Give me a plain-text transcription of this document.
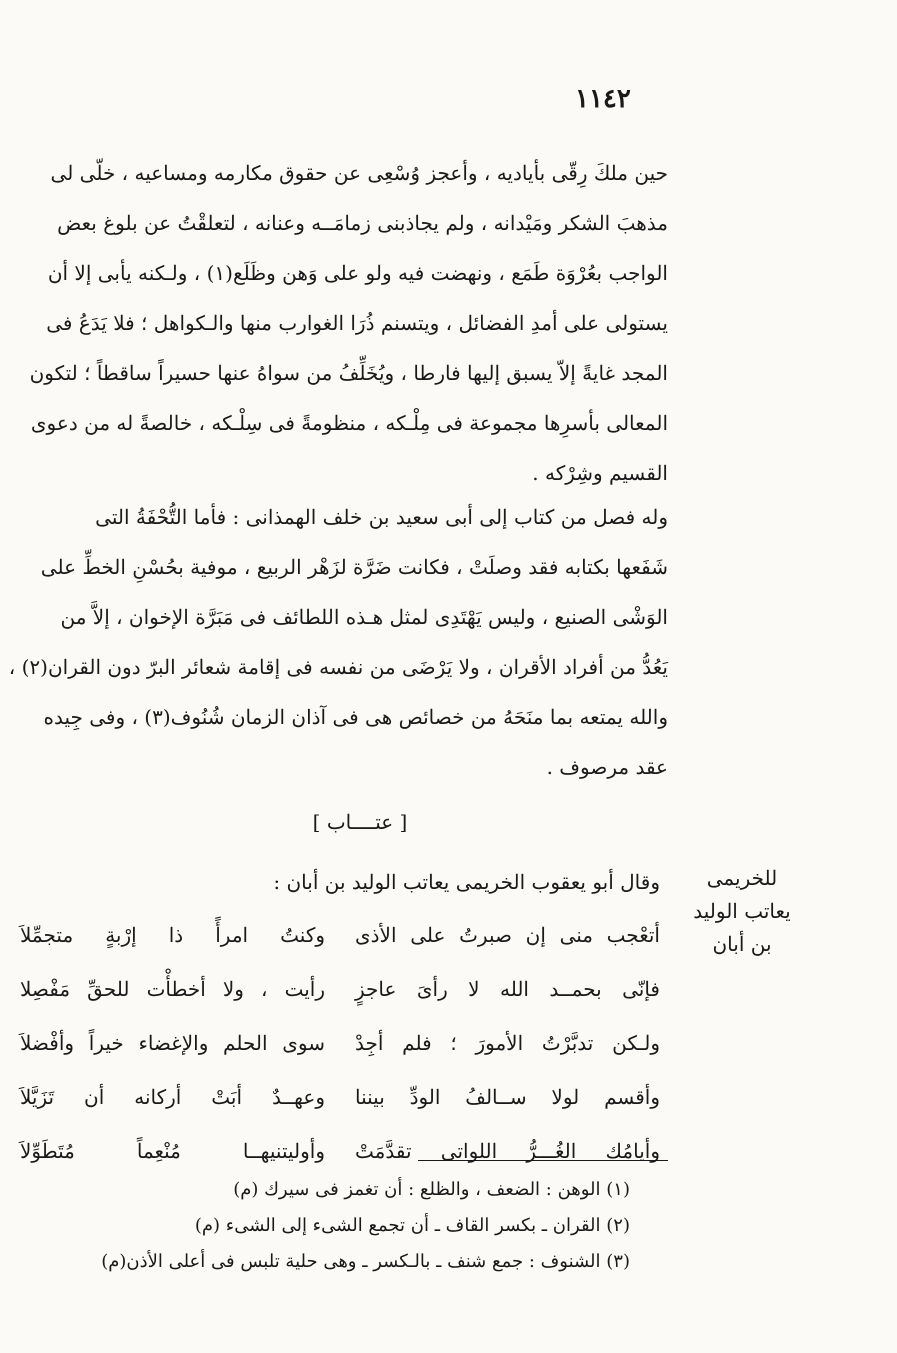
١١٤٢
حين ملكَ رِقّى بأياديه ، وأعجز وُسْعِى عن حقوق مكارمه ومساعيه ، خلّى لى
مذهبَ الشكر ومَيْدانه ، ولم يجاذبنى زمامَــه وعنانه ، لتعلقْتُ عن بلوغ بعض
الواجب بعُرْوَة طَمَع ، ونهضت فيه ولو على وَهن وظَلَع(١) ، ولـكنه يأبى إلا أن
يستولى على أمدِ الفضائل ، ويتسنم ذُرَا الغوارب منها والـكواهل ؛ فلا يَدَعُ فى
المجد غايةً إلاّ يسبق إليها فارطا ، ويُخَلِّفُ من سواهُ عنها حسيراً ساقطاً ؛ لتكون
المعالى بأسرِها مجموعة فى مِلْـكه ، منظومةً فى سِلْـكه ، خالصةً له من دعوى
القسيم وشِرْكه .
وله فصل من كتاب إلى أبى سعيد بن خلف الهمذانى : فأما التُّحْفَةُ التى
شَفَعها بكتابه فقد وصلَتْ ، فكانت ضَرَّة لزَهْر الربيع ، موفية بحُسْنِ الخطِّ على
الوَشْى الصنيع ، وليس يَهْتَدِى لمثل هـذه اللطائف فى مَبَرَّة الإخوان ، إلاَّ من
يَعُدُّ من أفراد الأقران ، ولا يَرْضَى من نفسه فى إقامة شعائر البرّ دون القران(٢) ،
والله يمتعه بما منَحَهُ من خصائص هى فى آذان الزمان شُنُوف(٣) ، وفى جِيده
عقد مرصوف .
[ عتــــاب ]
للخريمى
يعاتب الوليد
بن أبان
وقال أبو يعقوب الخريمى يعاتب الوليد بن أبان :
أتعْجب منى إن صبرتُ على الأذى
وكنتُ امرأً ذا إرْبةٍ متجمِّلاَ
فإنّى بحمــد الله لا رأىَ عاجزٍ
رأيت ، ولا أخطأْت للحقِّ مَفْصِلا
ولـكن تدبَّرْتُ الأمورَ ؛ فلم أجِدْ
سوى الحلم والإغضاء خيراً وأفْضلاَ
وأقسم لولا ســالفُ الودِّ بيننا
وعهــدٌ أبَتْ أركانه أن تَزَيَّلاَ
وأيامُك الغُـــرُّ اللواتى تقدَّمَتْ
وأوليتنيهــا مُنْعِماً مُتَطَوِّلاَ
(١) الوهن : الضعف ، والظلع : أن تغمز فى سيرك (م)
(٢) القران ـ بكسر القاف ـ أن تجمع الشىء إلى الشىء (م)
(٣) الشنوف : جمع شنف ـ بالـكسر ـ وهى حلية تلبس فى أعلى الأذن(م)
